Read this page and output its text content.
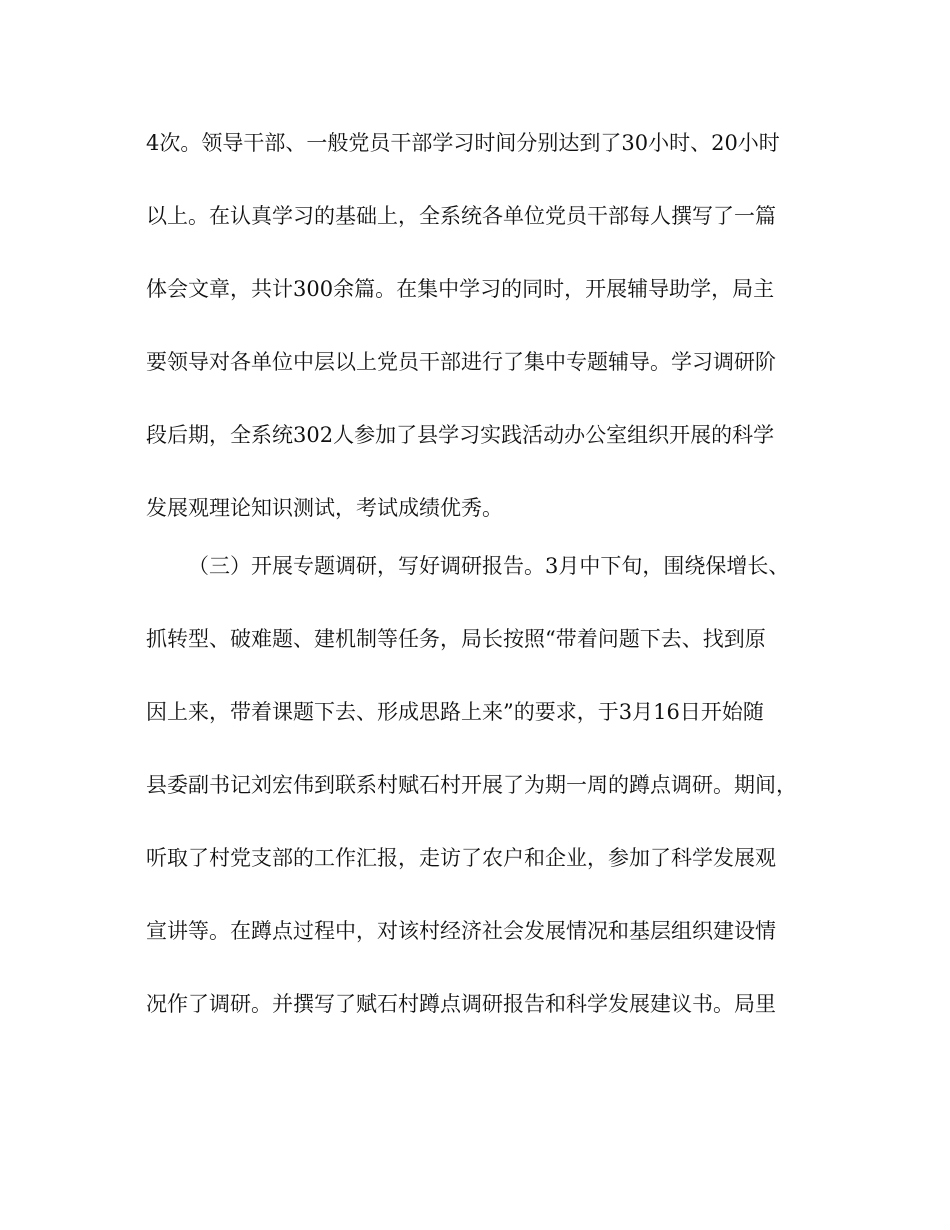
4次。领导干部、一般党员干部学习时间分别达到了30小时、20小时
以上。在认真学习的基础上，全系统各单位党员干部每人撰写了一篇
体会文章，共计300余篇。在集中学习的同时，开展辅导助学，局主
要领导对各单位中层以上党员干部进行了集中专题辅导。学习调研阶
段后期，全系统302人参加了县学习实践活动办公室组织开展的科学
发展观理论知识测试，考试成绩优秀。
（三）开展专题调研，写好调研报告。3月中下旬，围绕保增长、
抓转型、破难题、建机制等任务，局长按照“带着问题下去、找到原
因上来，带着课题下去、形成思路上来”的要求，于3月16日开始随
县委副书记刘宏伟到联系村赋石村开展了为期一周的蹲点调研。期间，
听取了村党支部的工作汇报，走访了农户和企业，参加了科学发展观
宣讲等。在蹲点过程中，对该村经济社会发展情况和基层组织建设情
况作了调研。并撰写了赋石村蹲点调研报告和科学发展建议书。局里
